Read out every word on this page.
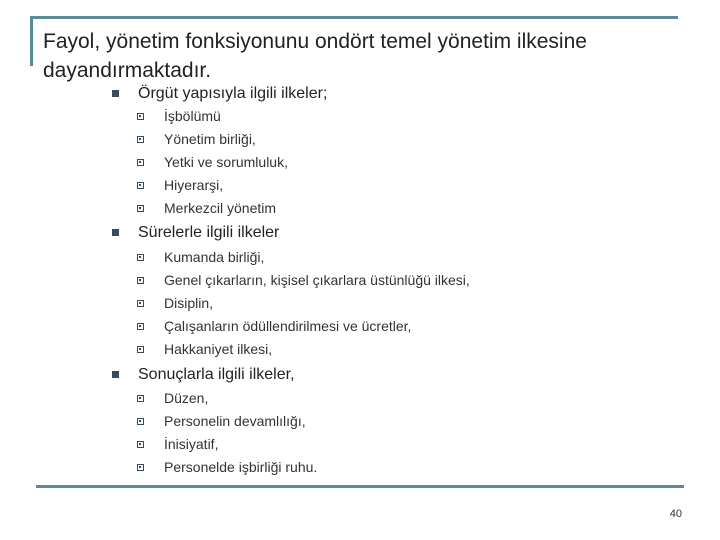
Fayol, yönetim fonksiyonunu ondört temel yönetim ilkesine dayandırmaktadır.
Örgüt yapısıyla ilgili ilkeler;
İşbölümü
Yönetim birliği,
Yetki ve sorumluluk,
Hiyerarşi,
Merkezcil yönetim
Sürelerle ilgili ilkeler
Kumanda birliği,
Genel çıkarların, kişisel çıkarlara üstünlüğü ilkesi,
Disiplin,
Çalışanların ödüllendirilmesi ve ücretler,
Hakkaniyet ilkesi,
Sonuçlarla ilgili ilkeler,
Düzen,
Personelin devamlılığı,
İnisiyatif,
Personelde işbirliği ruhu.
40
